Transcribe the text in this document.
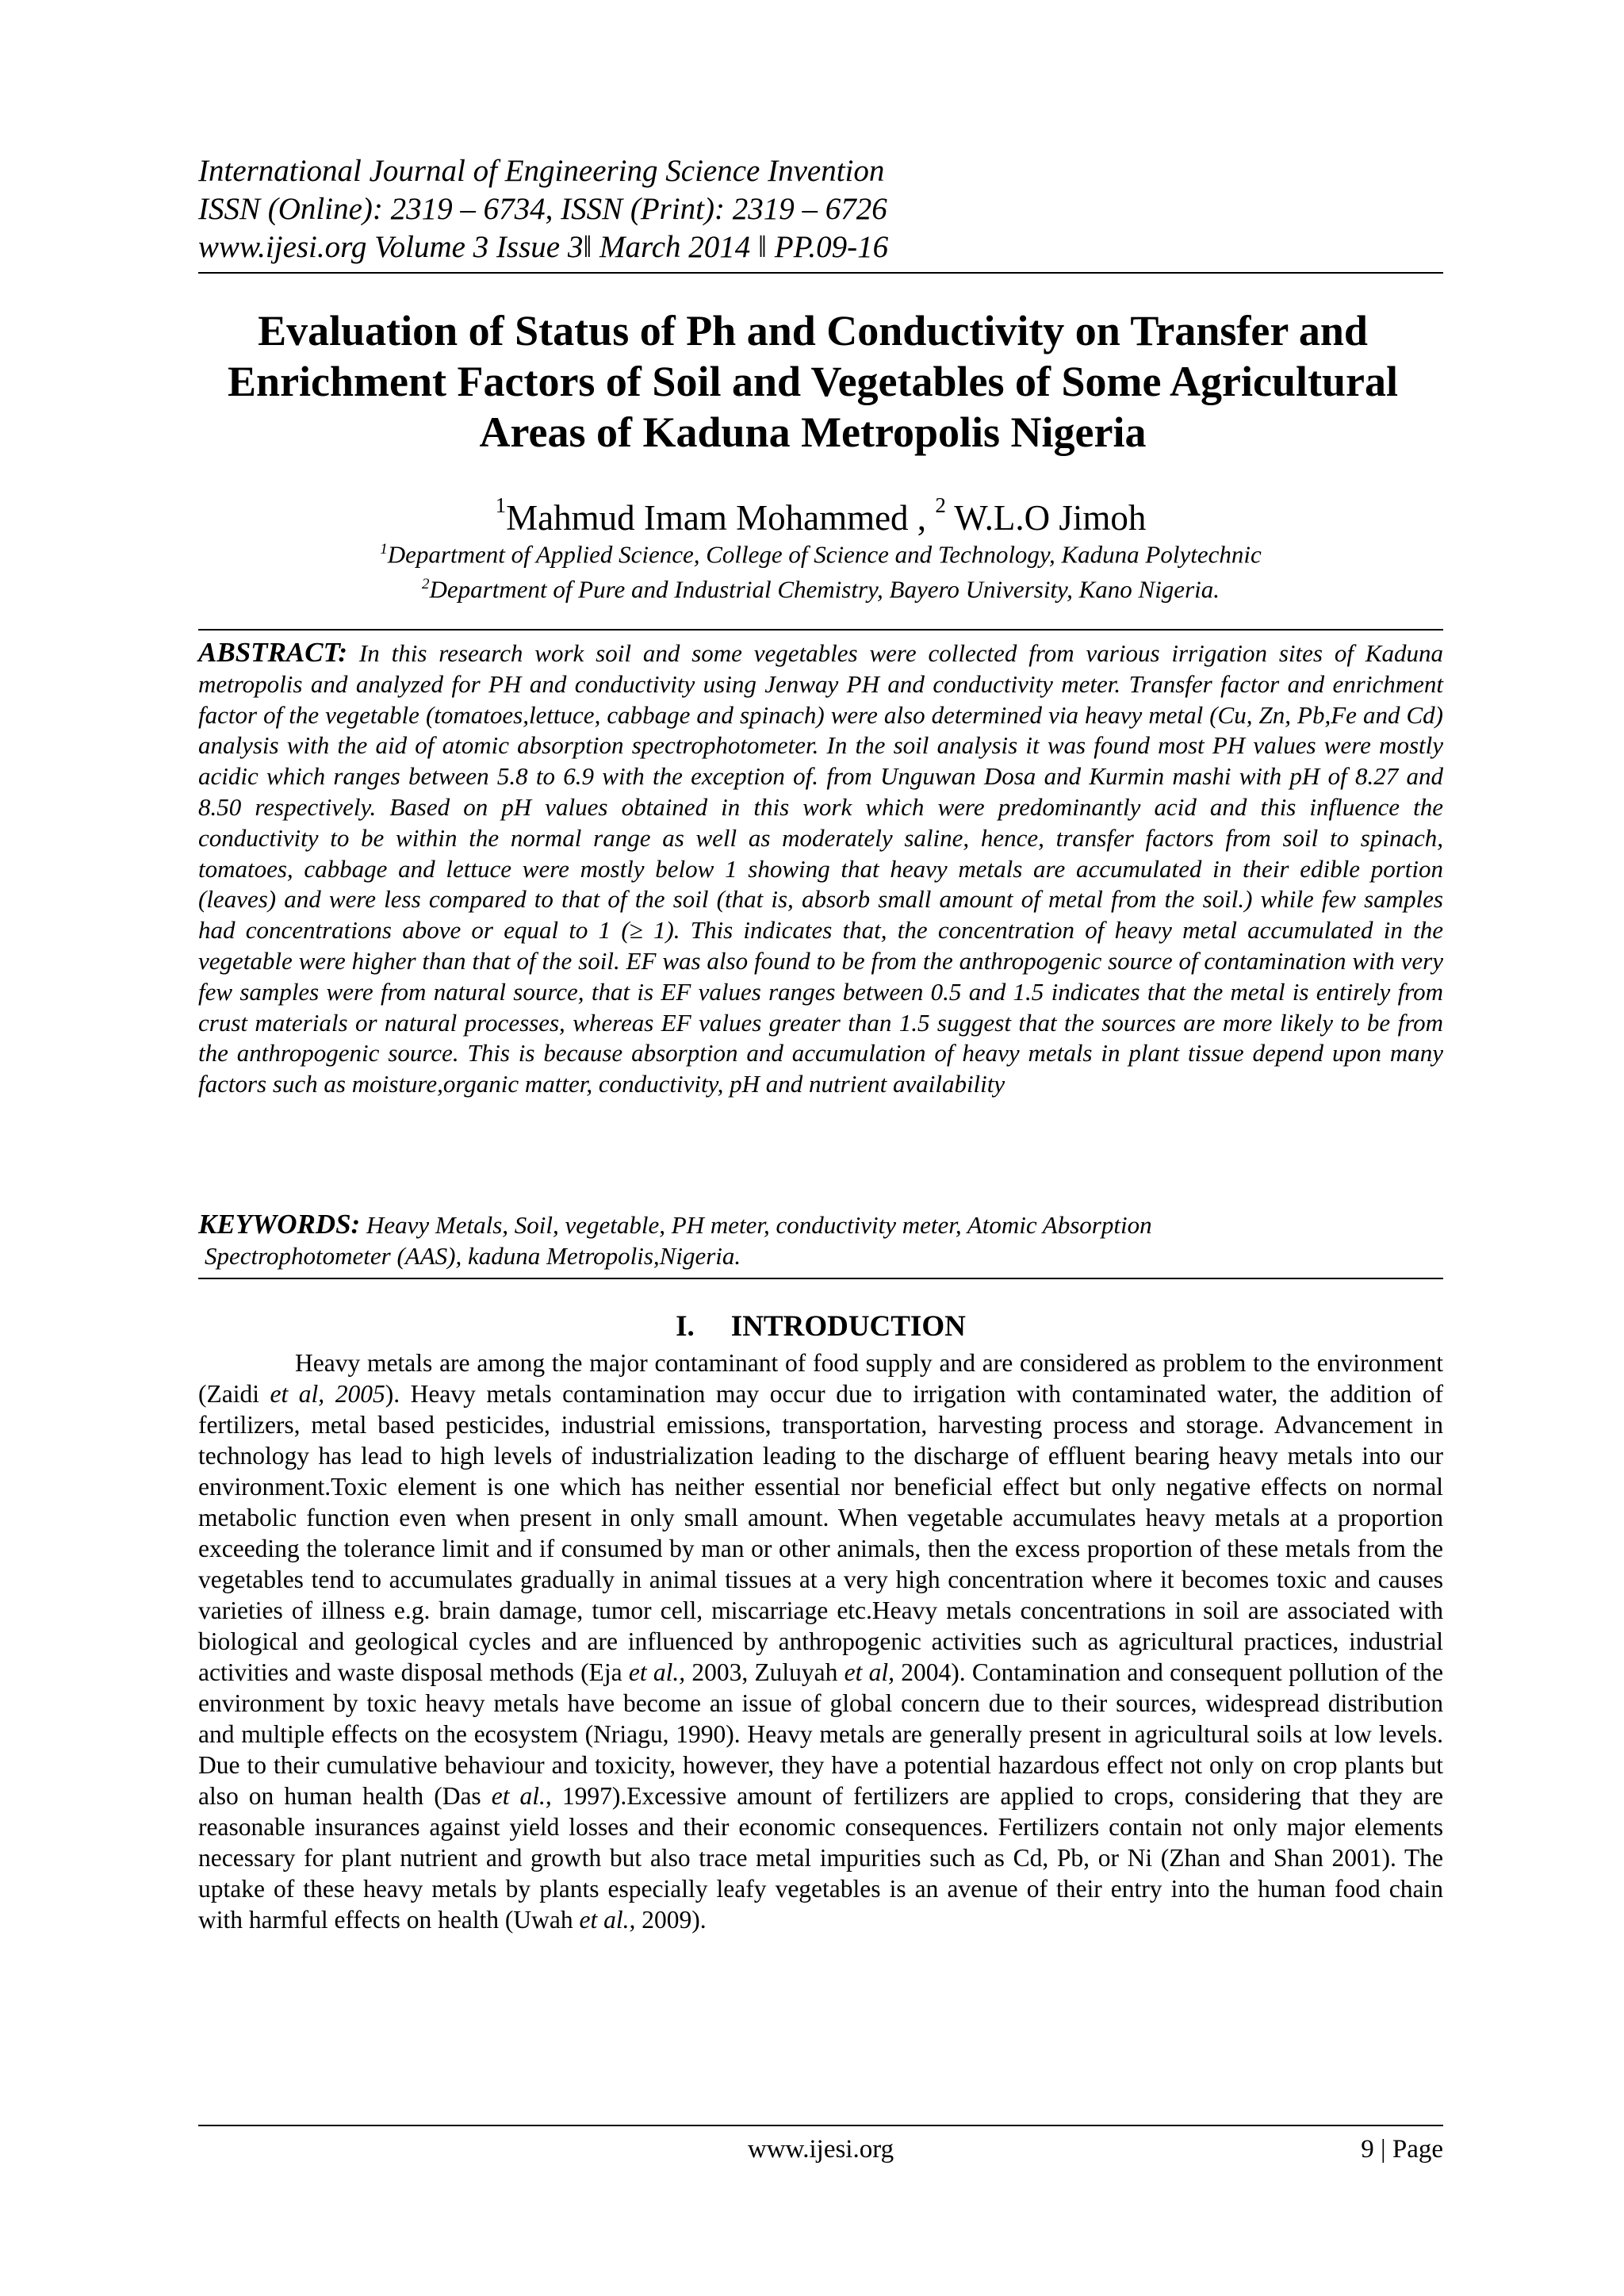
International Journal of Engineering Science Invention
ISSN (Online): 2319 – 6734, ISSN (Print): 2319 – 6726
www.ijesi.org Volume 3 Issue 3ǁ March 2014 ǁ PP.09-16
Evaluation of Status of Ph and Conductivity on Transfer and
Enrichment Factors of Soil and Vegetables of Some Agricultural
Areas of Kaduna Metropolis Nigeria
$^1$Mahmud Imam Mohammed , $^2$ W.L.O Jimoh
$^1$Department of Applied Science, College of Science and Technology, Kaduna Polytechnic
$^2$Department of Pure and Industrial Chemistry, Bayero University, Kano Nigeria.
ABSTRACT: In this research work soil and some vegetables were collected from various irrigation sites of Kaduna metropolis and analyzed for PH and conductivity using Jenway PH and conductivity meter. Transfer factor and enrichment factor of the vegetable (tomatoes,lettuce, cabbage and spinach) were also determined via heavy metal (Cu, Zn, Pb,Fe and Cd) analysis with the aid of atomic absorption spectrophotometer. In the soil analysis it was found most PH values were mostly acidic which ranges between 5.8 to 6.9 with the exception of. from Unguwan Dosa and Kurmin mashi with pH of 8.27 and 8.50 respectively. Based on pH values obtained in this work which were predominantly acid and this influence the conductivity to be within the normal range as well as moderately saline, hence, transfer factors from soil to spinach, tomatoes, cabbage and lettuce were mostly below 1 showing that heavy metals are accumulated in their edible portion (leaves) and were less compared to that of the soil (that is, absorb small amount of metal from the soil.) while few samples had concentrations above or equal to 1 (≥ 1). This indicates that, the concentration of heavy metal accumulated in the vegetable were higher than that of the soil. EF was also found to be from the anthropogenic source of contamination with very few samples were from natural source, that is EF values ranges between 0.5 and 1.5 indicates that the metal is entirely from crust materials or natural processes, whereas EF values greater than 1.5 suggest that the sources are more likely to be from the anthropogenic source. This is because absorption and accumulation of heavy metals in plant tissue depend upon many factors such as moisture,organic matter, conductivity, pH and nutrient availability
KEYWORDS: Heavy Metals, Soil, vegetable, PH meter, conductivity meter, Atomic Absorption
Spectrophotometer (AAS), kaduna Metropolis,Nigeria.
I. INTRODUCTION

Heavy metals are among the major contaminant of food supply and are considered as problem to the environment (Zaidi et al, 2005). Heavy metals contamination may occur due to irrigation with contaminated water, the addition of fertilizers, metal based pesticides, industrial emissions, transportation, harvesting process and storage. Advancement in technology has lead to high levels of industrialization leading to the discharge of effluent bearing heavy metals into our environment.Toxic element is one which has neither essential nor beneficial effect but only negative effects on normal metabolic function even when present in only small amount. When vegetable accumulates heavy metals at a proportion exceeding the tolerance limit and if consumed by man or other animals, then the excess proportion of these metals from the vegetables tend to accumulates gradually in animal tissues at a very high concentration where it becomes toxic and causes varieties of illness e.g. brain damage, tumor cell, miscarriage etc.Heavy metals concentrations in soil are associated with biological and geological cycles and are influenced by anthropogenic activities such as agricultural practices, industrial activities and waste disposal methods (Eja et al., 2003, Zuluyah et al, 2004). Contamination and consequent pollution of the environment by toxic heavy metals have become an issue of global concern due to their sources, widespread distribution and multiple effects on the ecosystem (Nriagu, 1990). Heavy metals are generally present in agricultural soils at low levels. Due to their cumulative behaviour and toxicity, however, they have a potential hazardous effect not only on crop plants but also on human health (Das et al., 1997).Excessive amount of fertilizers are applied to crops, considering that they are reasonable insurances against yield losses and their economic consequences. Fertilizers contain not only major elements necessary for plant nutrient and growth but also trace metal impurities such as Cd, Pb, or Ni (Zhan and Shan 2001). The uptake of these heavy metals by plants especially leafy vegetables is an avenue of their entry into the human food chain with harmful effects on health (Uwah et al., 2009).

www.ijesi.org	9 | Page
